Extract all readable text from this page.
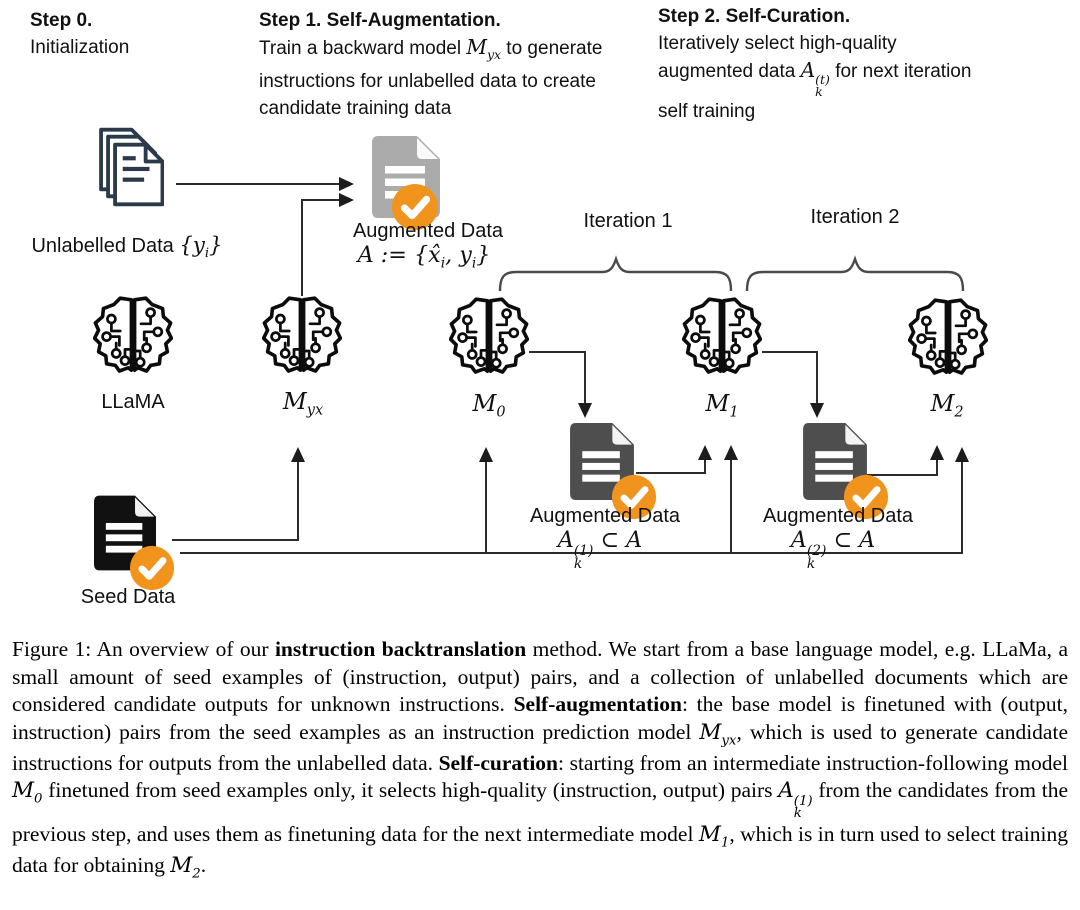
Step 0.
Initialization
Step 1. Self-Augmentation.
Train a backward model $M_{yx}$ to generate instructions for unlabelled data to create candidate training data
Step 2. Self-Curation.
Iteratively select high-quality augmented data A (t)
k
for next iteration self training
Unlabelled Data $\{y_i\}$
Augmented Data
A := {$x_i$, $y_i$}
Iteration 1	Iteration 2
LLaMA	$M_{yx}$	$M_0$	$M_1$	$M_2$
Augmented Data
A (1)
k
⊂ A
Augmented Data
A (2)
k
⊂ A
Seed Data
Figure 1: An overview of our instruction backtranslation method. We start from a base language model, e.g. LLaMa, a small amount of seed examples of (instruction, output) pairs, and a collection of unlabelled documents which are considered candidate outputs for unknown instructions. Self-augmentation: the base model is finetuned with (output, instruction) pairs from the seed examples as an instruction prediction model $M_{yx}$, which is used to generate candidate instructions for outputs from the unlabelled data. Self-curation: starting from an intermediate instruction-following model $M_0$ finetuned from seed examples only, it selects high-quality (instruction, output) pairs A (1)
k
from the candidates from the previous step, and uses them as finetuning data for the next intermediate model $M_1$, which is in turn used to select training data for obtaining $M_2$.
